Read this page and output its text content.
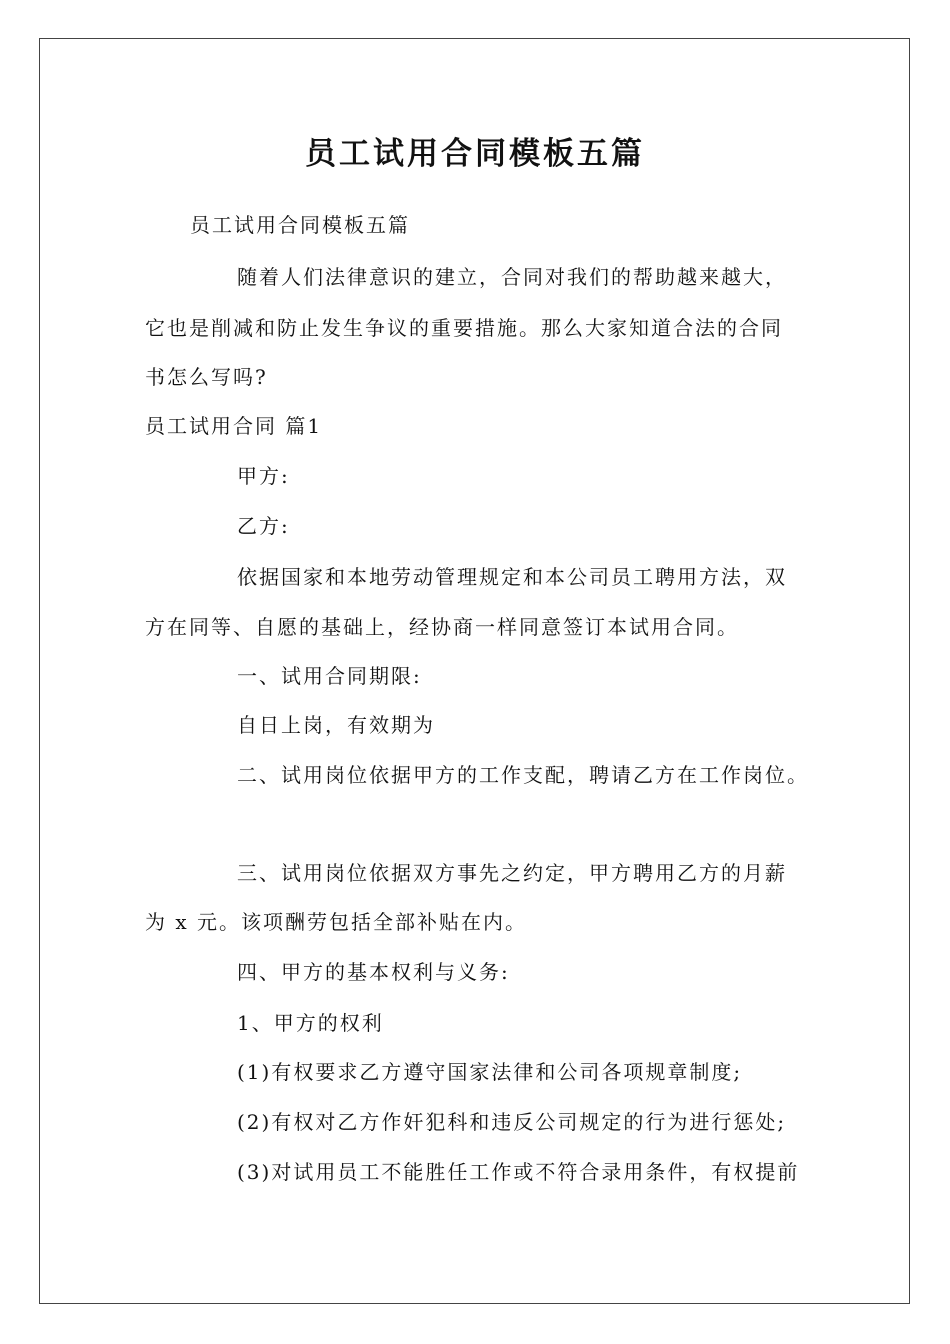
员工试用合同模板五篇
员工试用合同模板五篇
随着人们法律意识的建立，合同对我们的帮助越来越大，
它也是削减和防止发生争议的重要措施。那么大家知道合法的合同
书怎么写吗?
员工试用合同 篇1
甲方:
乙方:
依据国家和本地劳动管理规定和本公司员工聘用方法，双
方在同等、自愿的基础上，经协商一样同意签订本试用合同。
一、试用合同期限:
自日上岗，有效期为
二、试用岗位依据甲方的工作支配，聘请乙方在工作岗位。
三、试用岗位依据双方事先之约定，甲方聘用乙方的月薪
为 x 元。该项酬劳包括全部补贴在内。
四、甲方的基本权利与义务:
1、甲方的权利
(1)有权要求乙方遵守国家法律和公司各项规章制度;
(2)有权对乙方作奸犯科和违反公司规定的行为进行惩处;
(3)对试用员工不能胜任工作或不符合录用条件，有权提前
